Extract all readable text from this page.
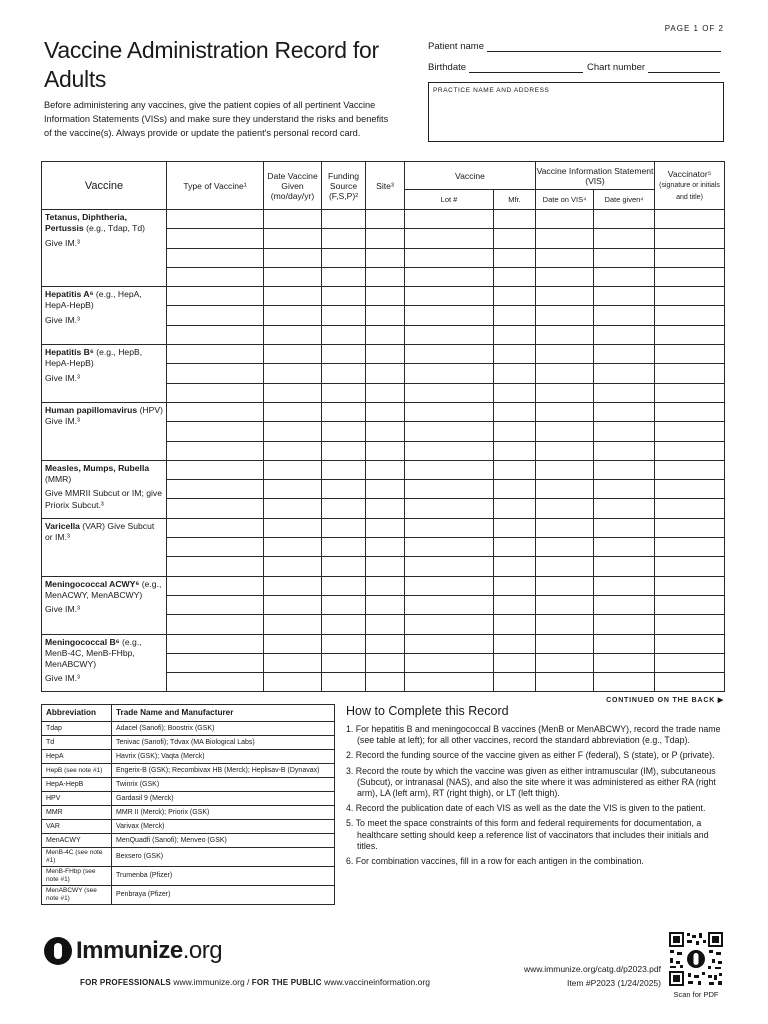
PAGE 1 OF 2
Vaccine Administration Record for Adults

Before administering any vaccines, give the patient copies of all pertinent Vaccine Information Statements (VISs) and make sure they understand the risks and benefits of the vaccine(s). Always provide or update the patient's personal record card.

Patient name
Birthdate	Chart number
PRACTICE NAME AND ADDRESS
Vaccine	Type of Vaccine¹	Date Vaccine Given (mo/day/yr)	Funding Source (F,S,P)²	Site³	Vaccine		Vaccine Information Statement (VIS)		Vaccinator⁵
(signature or initials and title)
					Lot #	Mfr.	Date on VIS⁴	Date given⁴	
Tetanus, Diphtheria, Pertussis (e.g., Tdap, Td)
Give IM.³									

Hepatitis A⁶ (e.g., HepA, HepA-HepB)
Give IM.³									

Hepatitis B⁶ (e.g., HepB, HepA-HepB)
Give IM.³									

Human papillomavirus (HPV) Give IM.³									

Measles, Mumps, Rubella (MMR)
Give MMRII Subcut or IM; give Priorix Subcut.³									

Varicella (VAR) Give Subcut or IM.³									

Meningococcal ACWY⁶ (e.g., MenACWY, MenABCWY)
Give IM.³									

Meningococcal B⁶ (e.g., MenB-4C, MenB-FHbp, MenABCWY)
Give IM.³									

CONTINUED ON THE BACK ▶
Abbreviation	Trade Name and Manufacturer
Tdap	Adacel (Sanofi); Boostrix (GSK)
Td	Tenivac (Sanofi); Tdvax (MA Biological Labs)
HepA	Havrix (GSK); Vaqta (Merck)
HepB (see note #1)	Engerix-B (GSK); Recombivax HB (Merck); Heplisav-B (Dynavax)
HepA-HepB	Twinrix (GSK)
HPV	Gardasil 9 (Merck)
MMR	MMR II (Merck); Priorix (GSK)
VAR	Varivax (Merck)
MenACWY	MenQuadfi (Sanofi); Menveo (GSK)
MenB-4C (see note #1)	Bexsero (GSK)
MenB-FHbp (see note #1)	Trumenba (Pfizer)
MenABCWY (see note #1)	Penbraya (Pfizer)
How to Complete this Record
1. For hepatitis B and meningococcal B vaccines (MenB or MenABCWY), record the trade name (see table at left); for all other vaccines, record the standard abbreviation (e.g., Tdap).
2. Record the funding source of the vaccine given as either F (federal), S (state), or P (private).
3. Record the route by which the vaccine was given as either intramuscular (IM), subcutaneous (Subcut), or intranasal (NAS), and also the site where it was administered as either RA (right arm), LA (left arm), RT (right thigh), or LT (left thigh).
4. Record the publication date of each VIS as well as the date the VIS is given to the patient.
5. To meet the space constraints of this form and federal requirements for documentation, a healthcare setting should keep a reference list of vaccinators that includes their initials and titles.
6. For combination vaccines, fill in a row for each antigen in the combination.
Immunize.org
FOR PROFESSIONALS www.immunize.org / FOR THE PUBLIC www.vaccineinformation.org
www.immunize.org/catg.d/p2023.pdf
Item #P2023 (1/24/2025)
Scan for PDF
